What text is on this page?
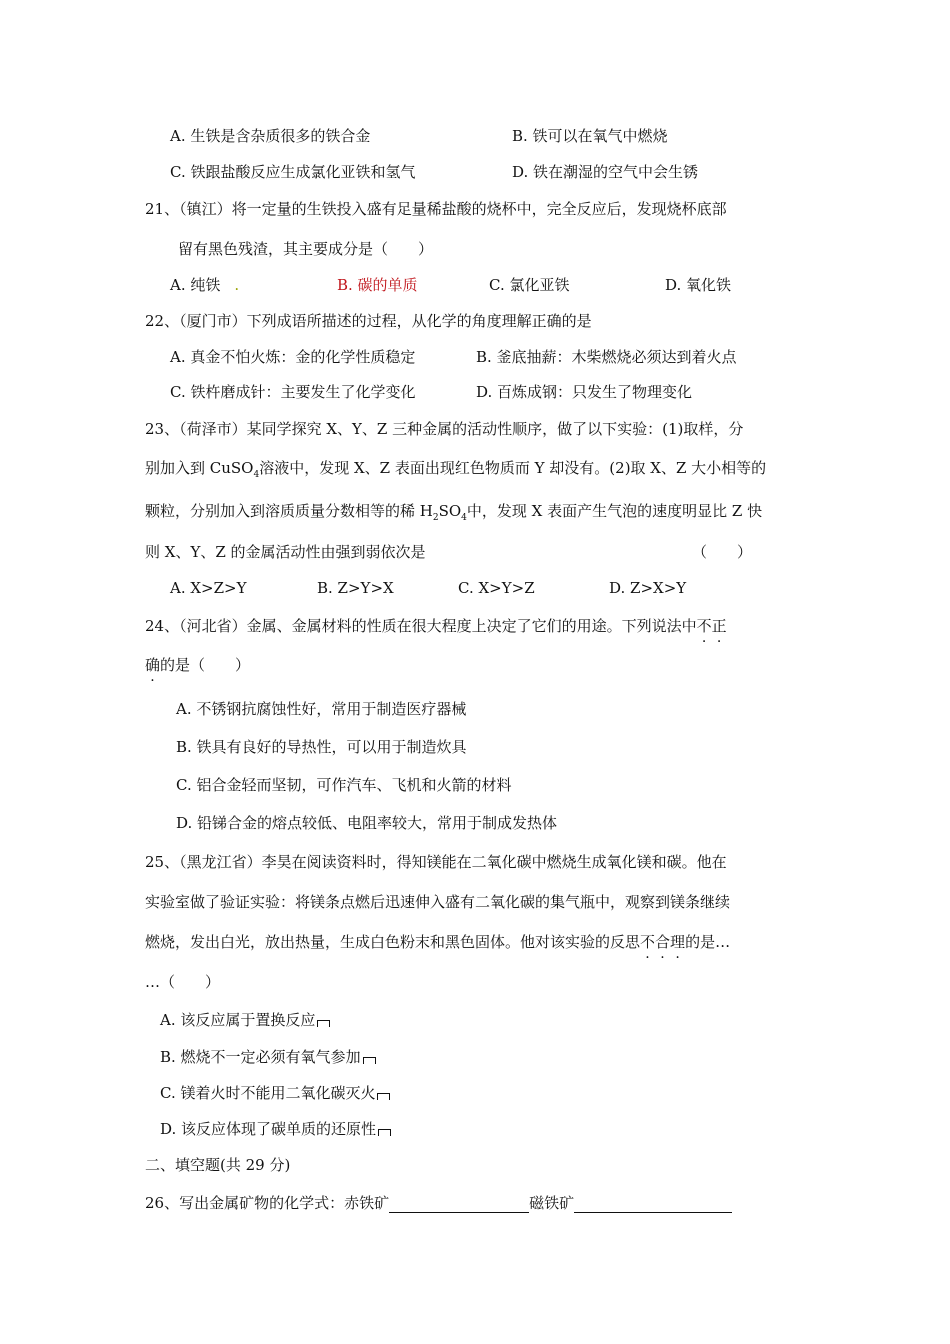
A. 生铁是含杂质很多的铁合金	B. 铁可以在氧气中燃烧
C. 铁跟盐酸反应生成氯化亚铁和氢气	D. 铁在潮湿的空气中会生锈
21、（镇江）将一定量的生铁投入盛有足量稀盐酸的烧杯中，完全反应后，发现烧杯底部
留有黑色残渣，其主要成分是（　　）
A. 纯铁 .	B. 碳的单质	C. 氯化亚铁	D. 氧化铁
22、（厦门市）下列成语所描述的过程，从化学的角度理解正确的是
A. 真金不怕火炼：金的化学性质稳定	B. 釜底抽薪：木柴燃烧必须达到着火点
C. 铁杵磨成针：主要发生了化学变化	D. 百炼成钢：只发生了物理变化
23、（荷泽市）某同学探究 X、Y、Z 三种金属的活动性顺序，做了以下实验：(1)取样，分
别加入到 CuSO$_4$溶液中，发现 X、Z 表面出现红色物质而 Y 却没有。(2)取 X、Z 大小相等的
颗粒，分别加入到溶质质量分数相等的稀 $H_2SO_4$中，发现 X 表面产生气泡的速度明显比 Z 快
则 X、Y、Z 的金属活动性由强到弱依次是	（　　）
A. X>Z>Y	B. Z>Y>X	C. X>Y>Z	D. Z>X>Y
24、（河北省）金属、金属材料的性质在很大程度上决定了它们的用途。下列说法中不正
确的是（　　）
A. 不锈钢抗腐蚀性好，常用于制造医疗器械
B. 铁具有良好的导热性，可以用于制造炊具
C. 铝合金轻而坚韧，可作汽车、飞机和火箭的材料
D. 铅锑合金的熔点较低、电阻率较大，常用于制成发热体
25、（黑龙江省）李昊在阅读资料时，得知镁能在二氧化碳中燃烧生成氧化镁和碳。他在
实验室做了验证实验：将镁条点燃后迅速伸入盛有二氧化碳的集气瓶中，观察到镁条继续
燃烧，发出白光，放出热量，生成白色粉末和黑色固体。他对该实验的反思不合理的是…
…（　　）
A. 该反应属于置换反应
B. 燃烧不一定必须有氧气参加
C. 镁着火时不能用二氧化碳灭火
D. 该反应体现了碳单质的还原性
二、填空题(共 29 分)
26、写出金属矿物的化学式：赤铁矿	磁铁矿
